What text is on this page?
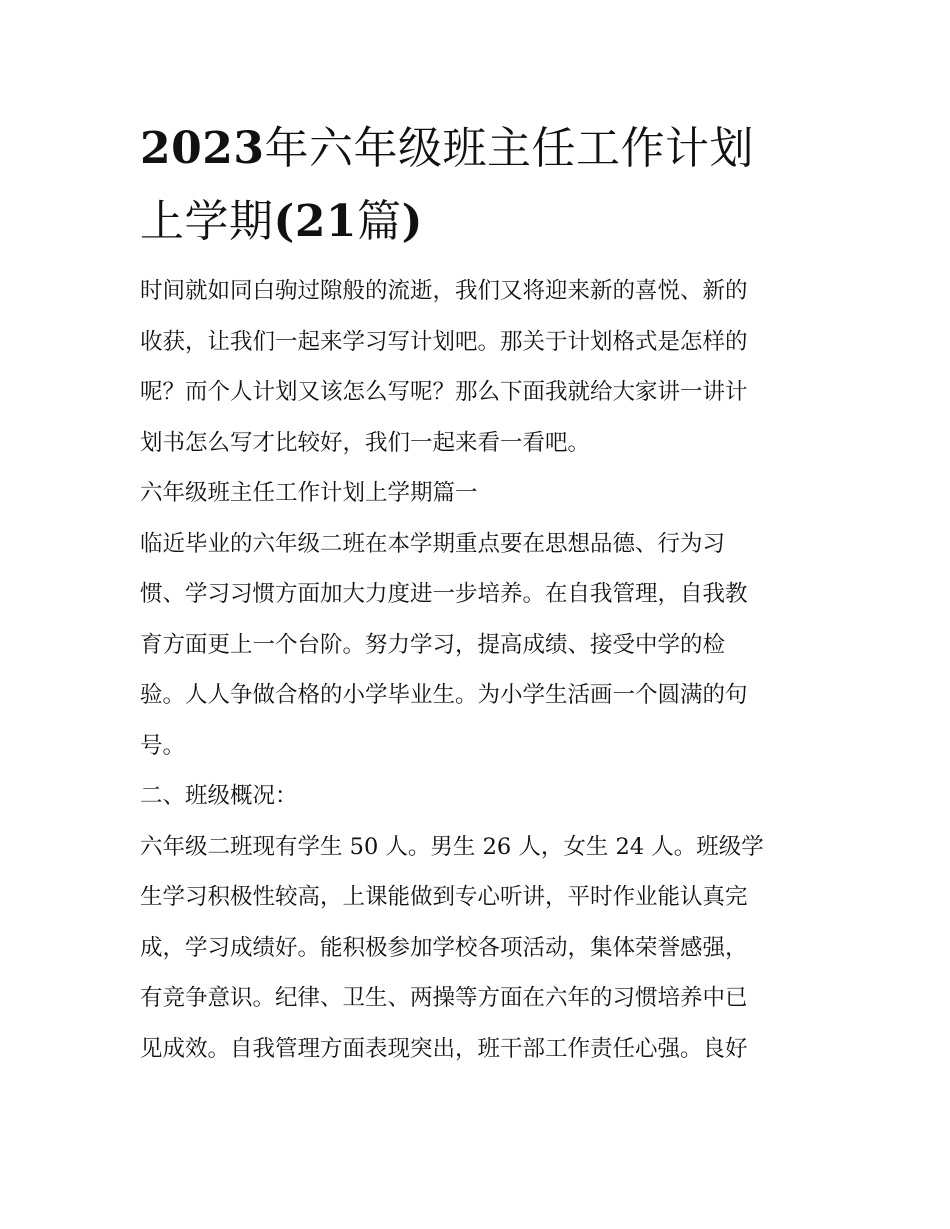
2023年六年级班主任工作计划
上学期(21篇)
时间就如同白驹过隙般的流逝，我们又将迎来新的喜悦、新的
收获，让我们一起来学习写计划吧。那关于计划格式是怎样的
呢？而个人计划又该怎么写呢？那么下面我就给大家讲一讲计
划书怎么写才比较好，我们一起来看一看吧。
六年级班主任工作计划上学期篇一
临近毕业的六年级二班在本学期重点要在思想品德、行为习
惯、学习习惯方面加大力度进一步培养。在自我管理，自我教
育方面更上一个台阶。努力学习，提高成绩、接受中学的检
验。人人争做合格的小学毕业生。为小学生活画一个圆满的句
号。
二、班级概况：
六年级二班现有学生 50 人。男生 26 人，女生 24 人。班级学
生学习积极性较高，上课能做到专心听讲，平时作业能认真完
成，学习成绩好。能积极参加学校各项活动，集体荣誉感强，
有竞争意识。纪律、卫生、两操等方面在六年的习惯培养中已
见成效。自我管理方面表现突出，班干部工作责任心强。良好
